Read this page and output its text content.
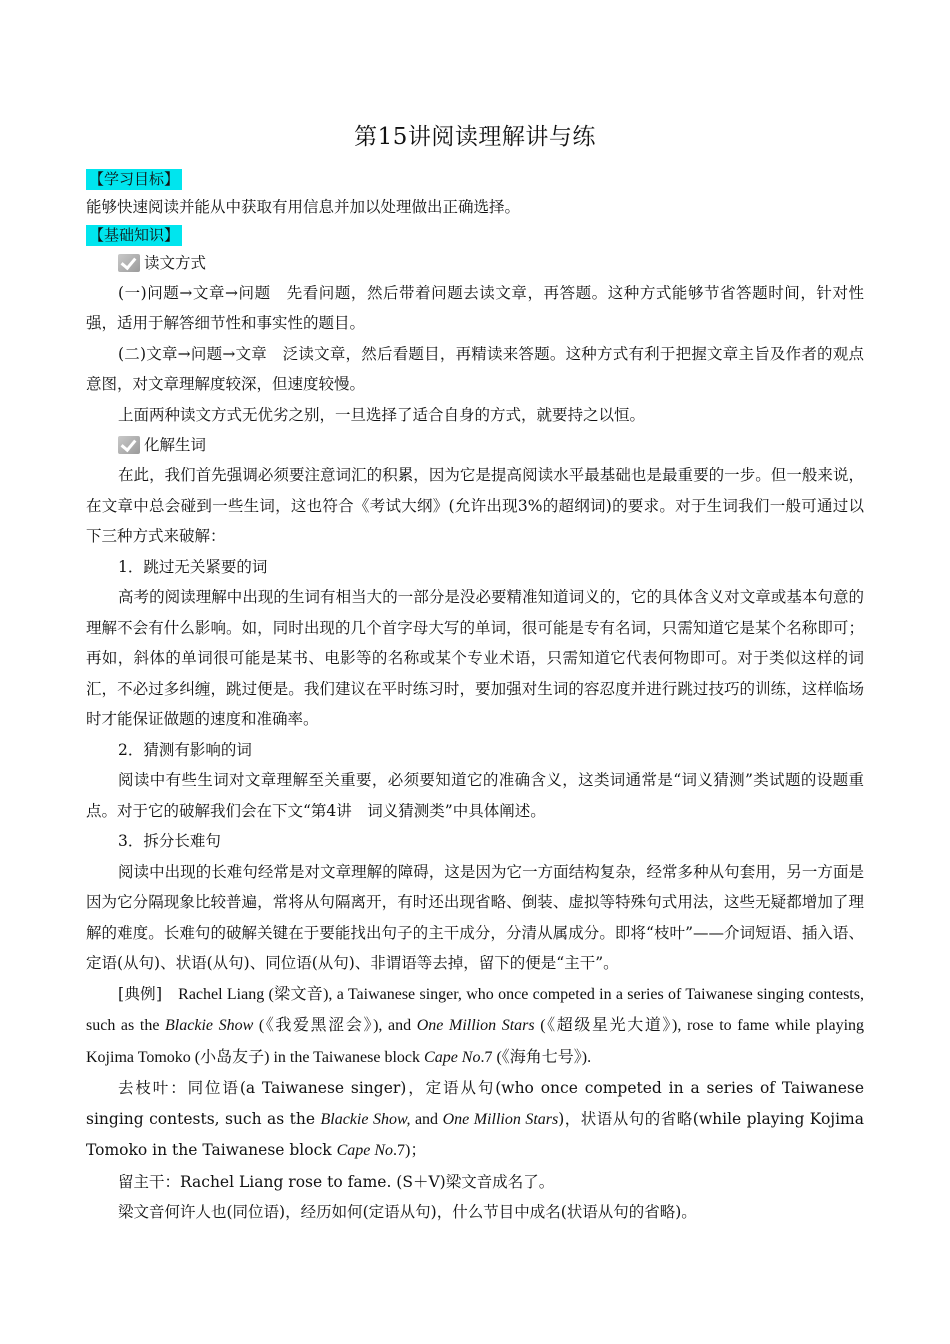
第15讲阅读理解讲与练
【学习目标】

能够快速阅读并能从中获取有用信息并加以处理做出正确选择。

【基础知识】
读文方式

(一)问题→文章→问题　先看问题，然后带着问题去读文章，再答题。这种方式能够节省答题时间，针对性强，适用于解答细节性和事实性的题目。

(二)文章→问题→文章　泛读文章，然后看题目，再精读来答题。这种方式有利于把握文章主旨及作者的观点意图，对文章理解度较深，但速度较慢。

上面两种读文方式无优劣之别，一旦选择了适合自身的方式，就要持之以恒。

化解生词

在此，我们首先强调必须要注意词汇的积累，因为它是提高阅读水平最基础也是最重要的一步。但一般来说，在文章中总会碰到一些生词，这也符合《考试大纲》(允许出现3%的超纲词)的要求。对于生词我们一般可通过以下三种方式来破解：

1．跳过无关紧要的词

高考的阅读理解中出现的生词有相当大的一部分是没必要精准知道词义的，它的具体含义对文章或基本句意的理解不会有什么影响。如，同时出现的几个首字母大写的单词，很可能是专有名词，只需知道它是某个名称即可；再如，斜体的单词很可能是某书、电影等的名称或某个专业术语，只需知道它代表何物即可。对于类似这样的词汇，不必过多纠缠，跳过便是。我们建议在平时练习时，要加强对生词的容忍度并进行跳过技巧的训练，这样临场时才能保证做题的速度和准确率。

2．猜测有影响的词

阅读中有些生词对文章理解至关重要，必须要知道它的准确含义，这类词通常是“词义猜测”类试题的设题重点。对于它的破解我们会在下文“第4讲　词义猜测类”中具体阐述。

3．拆分长难句

阅读中出现的长难句经常是对文章理解的障碍，这是因为它一方面结构复杂，经常多种从句套用，另一方面是因为它分隔现象比较普遍，常将从句隔离开，有时还出现省略、倒装、虚拟等特殊句式用法，这些无疑都增加了理解的难度。长难句的破解关键在于要能找出句子的主干成分，分清从属成分。即将“枝叶”——介词短语、插入语、定语(从句)、状语(从句)、同位语(从句)、非谓语等去掉，留下的便是“主干”。

[典例]　 Rachel Liang (梁文音), a Taiwanese singer, who once competed in a series of Taiwanese singing contests, such as the Blackie Show (《我爱黑涩会》), and One Million Stars (《超级星光大道》), rose to fame while playing Kojima Tomoko (小岛友子) in the Taiwanese block Cape No.7 (《海角七号》).

去枝叶：同位语(a Taiwanese singer)，定语从句(who once competed in a series of Taiwanese singing contests, such as the Blackie Show, and One Million Stars)，状语从句的省略(while playing Kojima Tomoko in the Taiwanese block Cape No.7)；

留主干：Rachel Liang rose to fame. (S＋V)梁文音成名了。

梁文音何许人也(同位语)，经历如何(定语从句)，什么节目中成名(状语从句的省略)。
